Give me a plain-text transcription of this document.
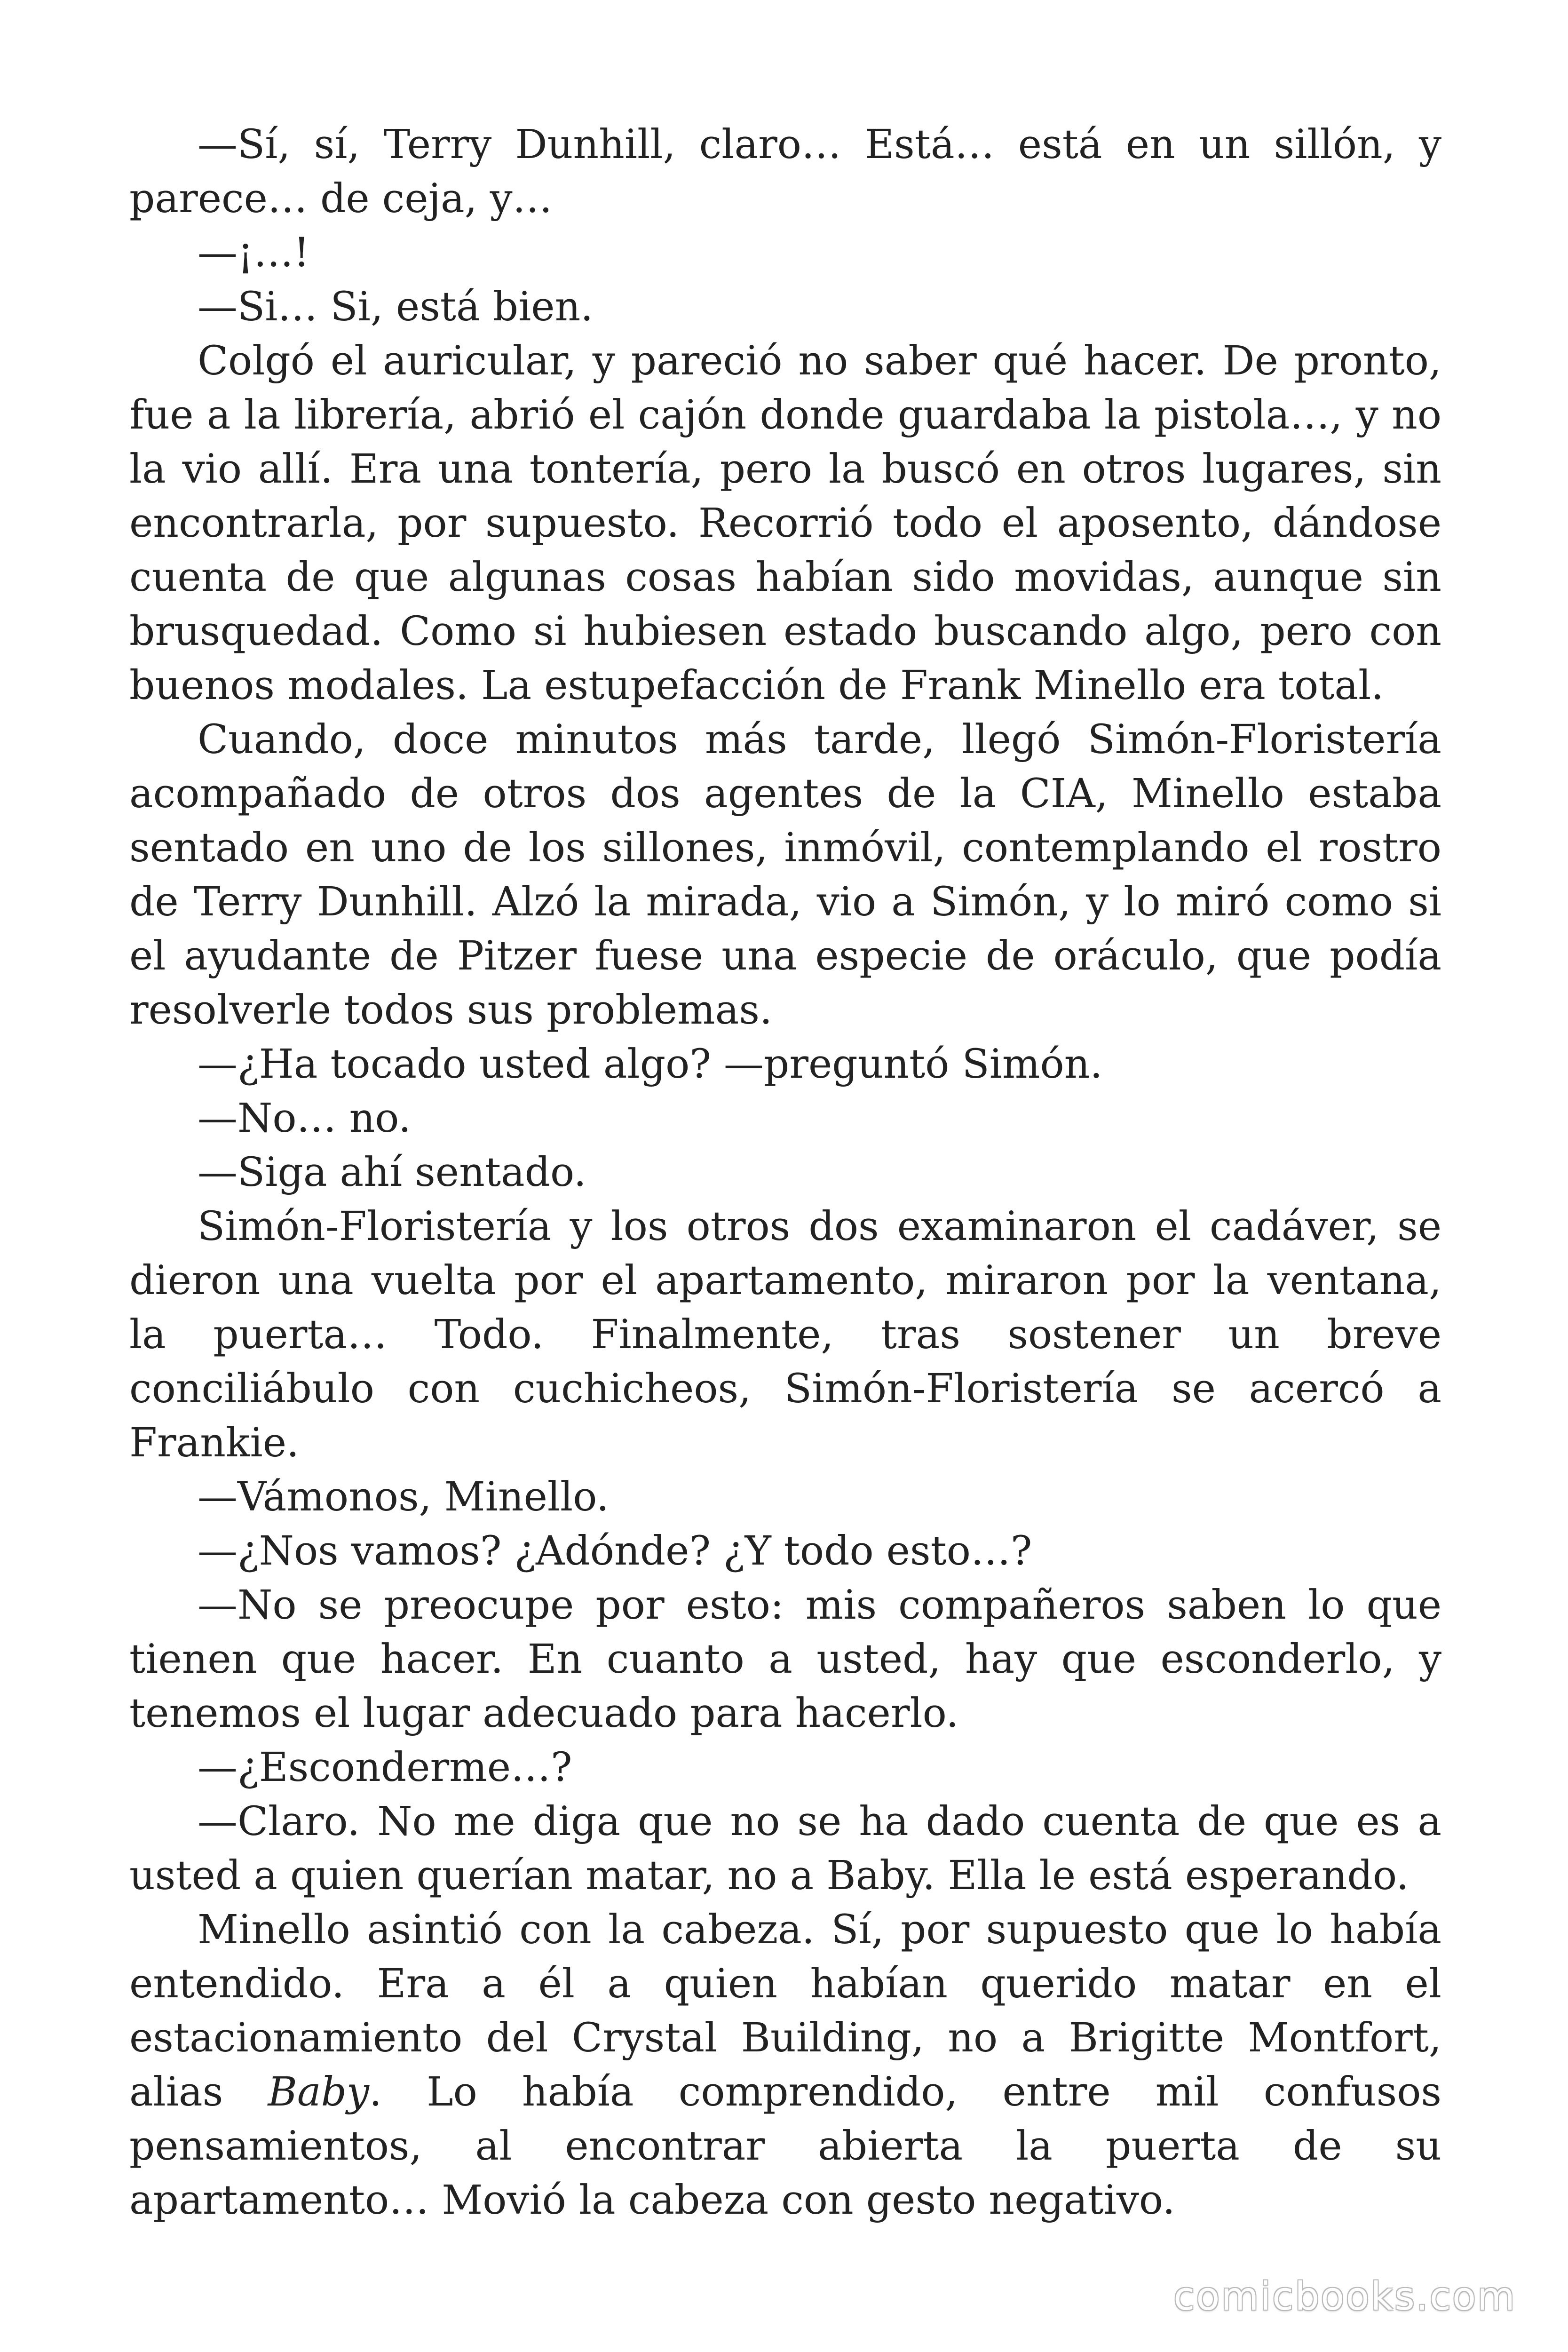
—Sí, sí, Terry Dunhill, claro… Está… está en un sillón, y parece… de ceja, y…

—¡…!

—Si… Si, está bien.

Colgó el auricular, y pareció no saber qué hacer. De pronto, fue a la librería, abrió el cajón donde guardaba la pistola…, y no la vio allí. Era una tontería, pero la buscó en otros lugares, sin encontrarla, por supuesto. Recorrió todo el aposento, dándose cuenta de que algunas cosas habían sido movidas, aunque sin brusquedad. Como si hubiesen estado buscando algo, pero con buenos modales. La estupefacción de Frank Minello era total.

Cuando, doce minutos más tarde, llegó Simón-Floristería acompañado de otros dos agentes de la CIA, Minello estaba sentado en uno de los sillones, inmóvil, contemplando el rostro de Terry Dunhill. Alzó la mirada, vio a Simón, y lo miró como si el ayudante de Pitzer fuese una especie de oráculo, que podía resolverle todos sus problemas.

—¿Ha tocado usted algo? —preguntó Simón.

—No… no.

—Siga ahí sentado.

Simón-Floristería y los otros dos examinaron el cadáver, se dieron una vuelta por el apartamento, miraron por la ventana, la puerta… Todo. Finalmente, tras sostener un breve conciliábulo con cuchicheos, Simón-Floristería se acercó a Frankie.

—Vámonos, Minello.

—¿Nos vamos? ¿Adónde? ¿Y todo esto…?

—No se preocupe por esto: mis compañeros saben lo que tienen que hacer. En cuanto a usted, hay que esconderlo, y tenemos el lugar adecuado para hacerlo.

—¿Esconderme…?

—Claro. No me diga que no se ha dado cuenta de que es a usted a quien querían matar, no a Baby. Ella le está esperando.

Minello asintió con la cabeza. Sí, por supuesto que lo había entendido. Era a él a quien habían querido matar en el estacionamiento del Crystal Building, no a Brigitte Montfort, alias Baby. Lo había comprendido, entre mil confusos pensamientos, al encontrar abierta la puerta de su apartamento… Movió la cabeza con gesto negativo.

comicbooks.com
